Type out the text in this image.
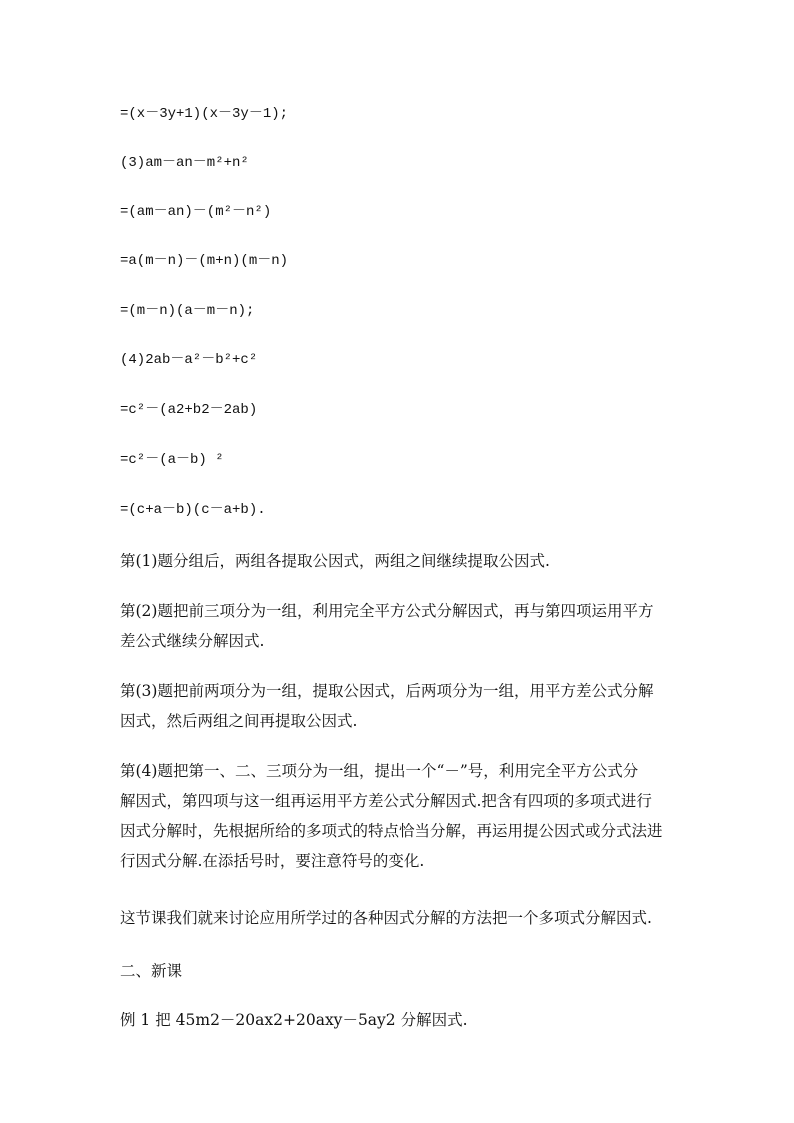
=(x－3y+1)(x－3y－1);
(3)am－an－m²+n²
=(am－an)－(m²－n²)
=a(m－n)－(m+n)(m－n)
=(m－n)(a－m－n);
(4)2ab－a²－b²+c²
=c²－(a2+b2－2ab)
=c²－(a－b) ²
=(c+a－b)(c－a+b).
第(1)题分组后，两组各提取公因式，两组之间继续提取公因式.
第(2)题把前三项分为一组，利用完全平方公式分解因式，再与第四项运用平方
差公式继续分解因式.
第(3)题把前两项分为一组，提取公因式，后两项分为一组，用平方差公式分解
因式，然后两组之间再提取公因式.
第(4)题把第一、二、三项分为一组，提出一个“－”号，利用完全平方公式分
解因式，第四项与这一组再运用平方差公式分解因式.把含有四项的多项式进行
因式分解时，先根据所给的多项式的特点恰当分解，再运用提公因式或分式法进
行因式分解.在添括号时，要注意符号的变化.
这节课我们就来讨论应用所学过的各种因式分解的方法把一个多项式分解因式.
二、新课
例 1 把 45m2－20ax2+20axy－5ay2 分解因式.
